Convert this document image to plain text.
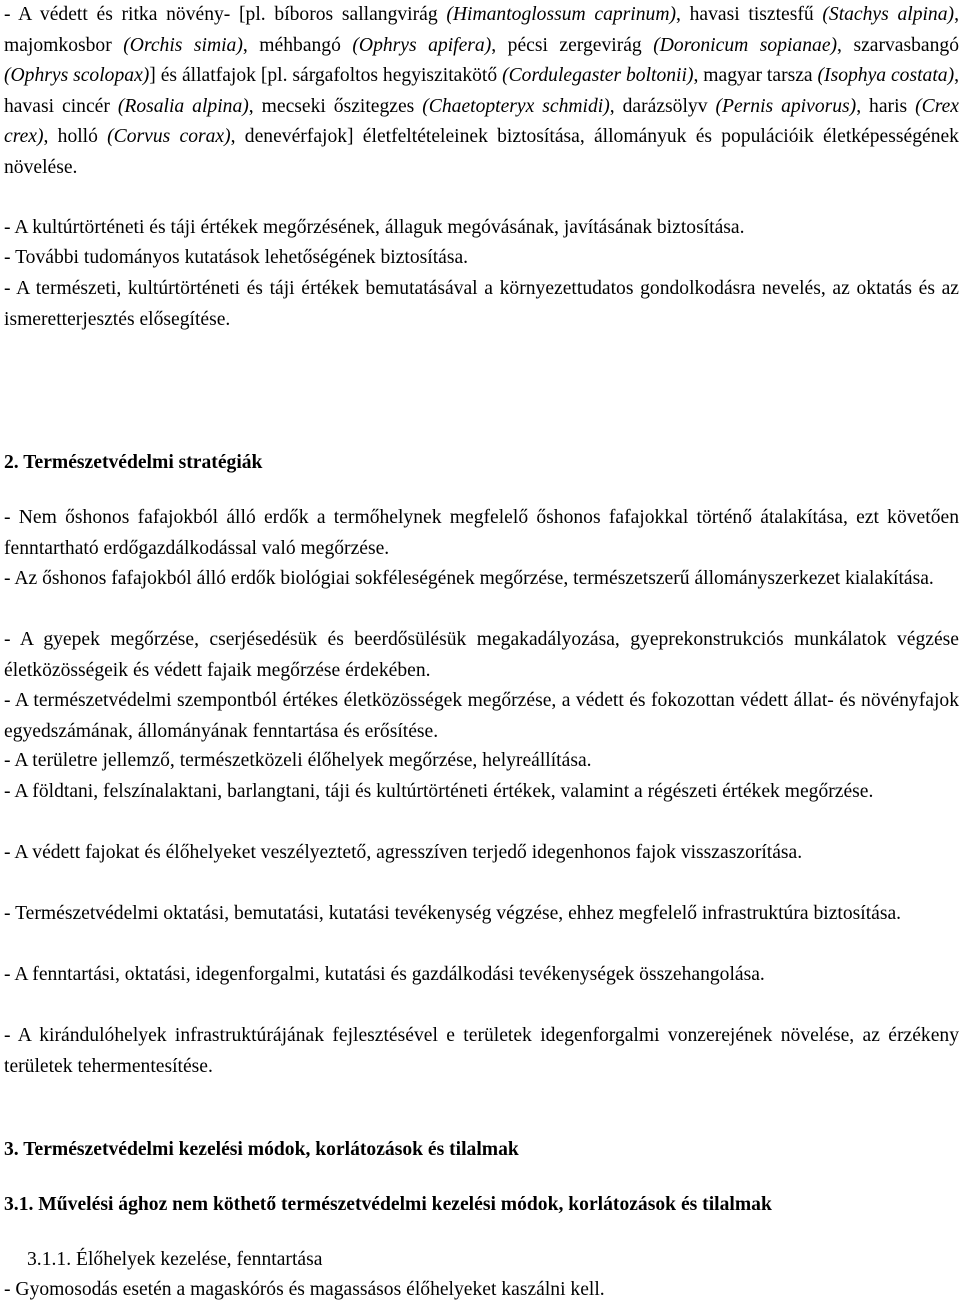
- A védett és ritka növény- [pl. bíboros sallangvirág (Himantoglossum caprinum), havasi tisztesfű (Stachys alpina), majomkosbor (Orchis simia), méhbangó (Ophrys apifera), pécsi zergevirág (Doronicum sopianae), szarvasbangó (Ophrys scolopax)] és állatfajok [pl. sárgafoltos hegyiszitakötő (Cordulegaster boltonii), magyar tarsza (Isophya costata), havasi cincér (Rosalia alpina), mecseki őszitegzes (Chaetopteryx schmidi), darázsölyv (Pernis apivorus), haris (Crex crex), holló (Corvus corax), denevérfajok] életfeltételeinek biztosítása, állományuk és populációik életképességének növelése.

- A kultúrtörténeti és táji értékek megőrzésének, állaguk megóvásának, javításának biztosítása.

- További tudományos kutatások lehetőségének biztosítása.

- A természeti, kultúrtörténeti és táji értékek bemutatásával a környezettudatos gondolkodásra nevelés, az oktatás és az ismeretterjesztés elősegítése.

2. Természetvédelmi stratégiák

- Nem őshonos fafajokból álló erdők a termőhelynek megfelelő őshonos fafajokkal történő átalakítása, ezt követően fenntartható erdőgazdálkodással való megőrzése.

- Az őshonos fafajokból álló erdők biológiai sokféleségének megőrzése, természetszerű állományszerkezet kialakítása.

- A gyepek megőrzése, cserjésedésük és beerdősülésük megakadályozása, gyeprekonstrukciós munkálatok végzése életközösségeik és védett fajaik megőrzése érdekében.

- A természetvédelmi szempontból értékes életközösségek megőrzése, a védett és fokozottan védett állat- és növényfajok egyedszámának, állományának fenntartása és erősítése.

- A területre jellemző, természetközeli élőhelyek megőrzése, helyreállítása.

- A földtani, felszínalaktani, barlangtani, táji és kultúrtörténeti értékek, valamint a régészeti értékek megőrzése.

- A védett fajokat és élőhelyeket veszélyeztető, agresszíven terjedő idegenhonos fajok visszaszorítása.

- Természetvédelmi oktatási, bemutatási, kutatási tevékenység végzése, ehhez megfelelő infrastruktúra biztosítása.

- A fenntartási, oktatási, idegenforgalmi, kutatási és gazdálkodási tevékenységek összehangolása.

- A kirándulóhelyek infrastruktúrájának fejlesztésével e területek idegenforgalmi vonzerejének növelése, az érzékeny területek tehermentesítése.

3. Természetvédelmi kezelési módok, korlátozások és tilalmak
3.1. Művelési ághoz nem köthető természetvédelmi kezelési módok, korlátozások és tilalmak

3.1.1. Élőhelyek kezelése, fenntartása

- Gyomosodás esetén a magaskórós és magassásos élőhelyeket kaszálni kell.
